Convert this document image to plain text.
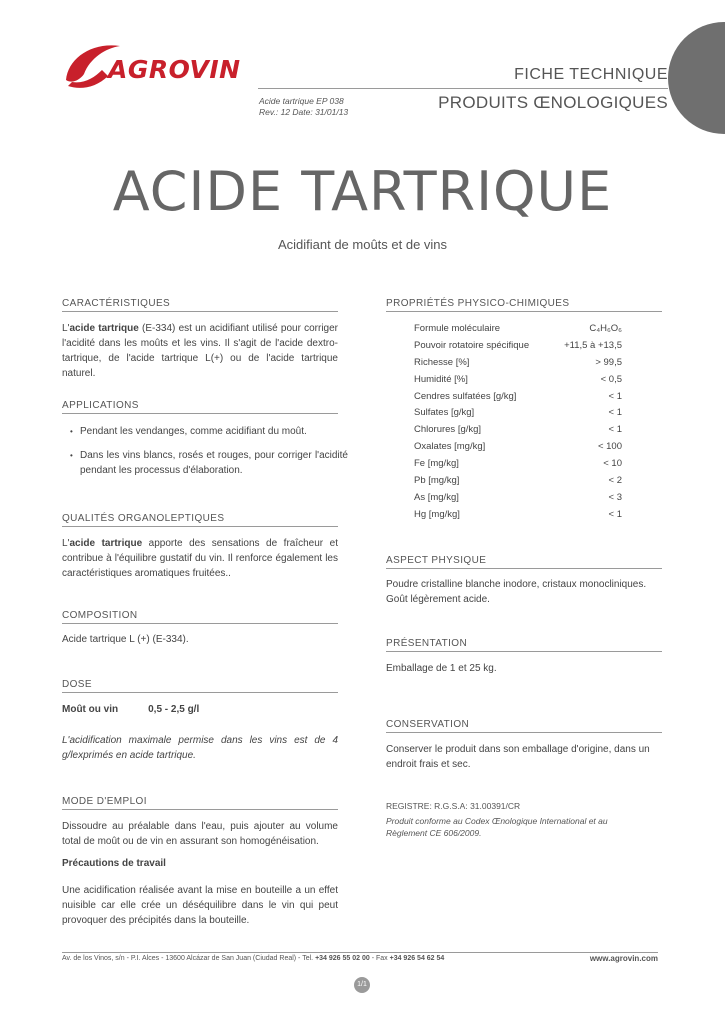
AGROVIN	FICHE TECHNIQUE
PRODUITS ŒNOLOGIQUES
Acide tartrique EP 038
Rev.: 12 Date: 31/01/13
ACIDE TARTRIQUE
Acidifiant de moûts et de vins
CARACTÉRISTIQUES
L'acide tartrique (E-334) est un acidifiant utilisé pour corriger l'acidité dans les moûts et les vins. Il s'agit de l'acide dextro-tartrique, de l'acide tartrique L(+) ou de l'acide tartrique naturel.
APPLICATIONS
• Pendant les vendanges, comme acidifiant du moût.
• Dans les vins blancs, rosés et rouges, pour corriger l'acidité pendant les processus d'élaboration.
QUALITÉS ORGANOLEPTIQUES
L'acide tartrique apporte des sensations de fraîcheur et contribue à l'équilibre gustatif du vin. Il renforce également les caractéristiques aromatiques fruitées..
COMPOSITION
Acide tartrique L (+) (E-334).
DOSE
Moût ou vin	0,5 - 2,5 g/l
L'acidification maximale permise dans les vins est de 4 g/lexprimés en acide tartrique.
MODE D'EMPLOI
Dissoudre au préalable dans l'eau, puis ajouter au volume total de moût ou de vin en assurant son homogénéisation.
Précautions de travail
Une acidification réalisée avant la mise en bouteille a un effet nuisible car elle crée un déséquilibre dans le vin qui peut provoquer des précipités dans la bouteille.
PROPRIÉTÉS PHYSICO-CHIMIQUES
Formule moléculaire	C₄H₆O₆
Pouvoir rotatoire spécifique	+11,5 à +13,5
Richesse [%]	> 99,5
Humidité [%]	< 0,5
Cendres sulfatées [g/kg]	< 1
Sulfates [g/kg]	< 1
Chlorures [g/kg]	< 1
Oxalates [mg/kg]	< 100
Fe [mg/kg]	< 10
Pb [mg/kg]	< 2
As [mg/kg]	< 3
Hg [mg/kg]	< 1
ASPECT PHYSIQUE
Poudre cristalline blanche inodore, cristaux monocliniques. Goût légèrement acide.
PRÉSENTATION
Emballage de 1 et 25 kg.
CONSERVATION
Conserver le produit dans son emballage d'origine, dans un endroit frais et sec.
REGISTRE: R.G.S.A: 31.00391/CR
Produit conforme au Codex Œnologique International et au Règlement CE 606/2009.
Av. de los Vinos, s/n - P.I. Alces - 13600 Alcázar de San Juan (Ciudad Real) - Tel. +34 926 55 02 00 - Fax +34 926 54 62 54	www.agrovin.com
1/1
